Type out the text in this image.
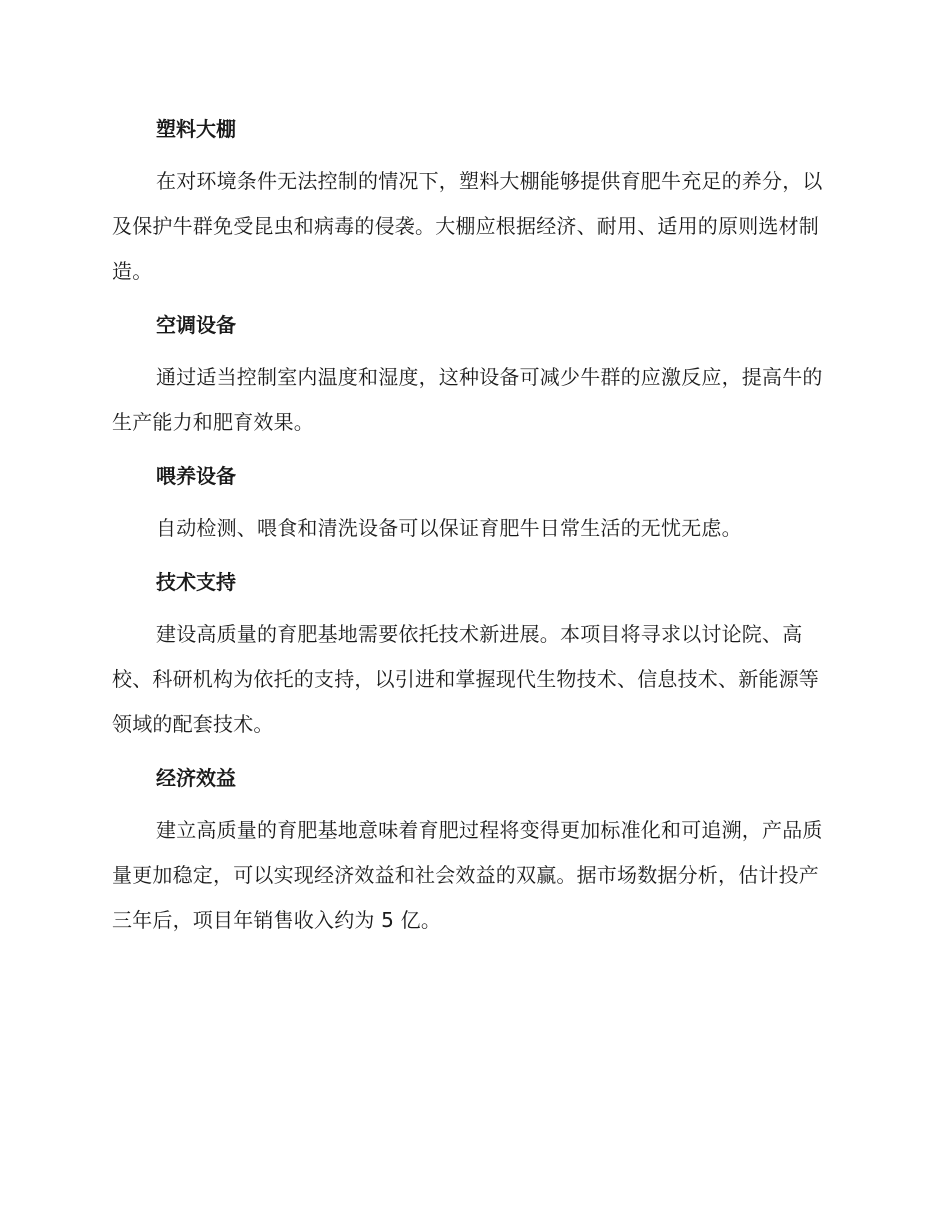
塑料大棚

在对环境条件无法控制的情况下，塑料大棚能够提供育肥牛充足的养分，以及保护牛群免受昆虫和病毒的侵袭。大棚应根据经济、耐用、适用的原则选材制造。

空调设备

通过适当控制室内温度和湿度，这种设备可减少牛群的应激反应，提高牛的生产能力和肥育效果。

喂养设备

自动检测、喂食和清洗设备可以保证育肥牛日常生活的无忧无虑。

技术支持

建设高质量的育肥基地需要依托技术新进展。本项目将寻求以讨论院、高校、科研机构为依托的支持，以引进和掌握现代生物技术、信息技术、新能源等领域的配套技术。

经济效益

建立高质量的育肥基地意味着育肥过程将变得更加标准化和可追溯，产品质量更加稳定，可以实现经济效益和社会效益的双赢。据市场数据分析，估计投产三年后，项目年销售收入约为 5 亿。
